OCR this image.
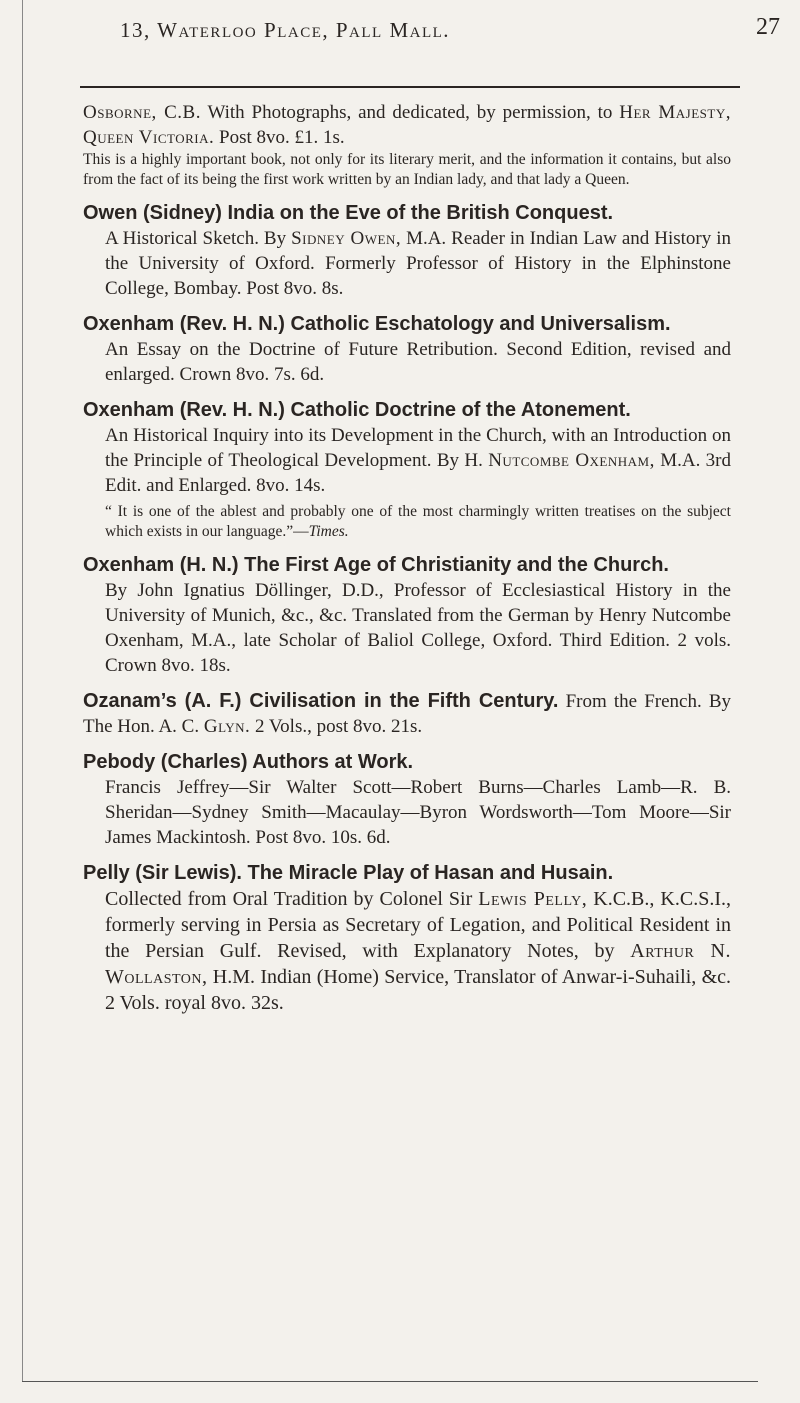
13, Waterloo Place, Pall Mall.	27

Osborne, C.B. With Photographs, and dedicated, by permission, to Her Majesty, Queen Victoria. Post 8vo. £1. 1s.

This is a highly important book, not only for its literary merit, and the information it contains, but also from the fact of its being the first work written by an Indian lady, and that lady a Queen.

Owen (Sidney) India on the Eve of the British Conquest.

A Historical Sketch. By Sidney Owen, M.A. Reader in Indian Law and History in the University of Oxford. Formerly Professor of History in the Elphinstone College, Bombay. Post 8vo. 8s.

Oxenham (Rev. H. N.) Catholic Eschatology and Universalism.

An Essay on the Doctrine of Future Retribution. Second Edition, revised and enlarged. Crown 8vo. 7s. 6d.

Oxenham (Rev. H. N.) Catholic Doctrine of the Atonement.

An Historical Inquiry into its Development in the Church, with an Introduction on the Principle of Theological Development. By H. Nutcombe Oxenham, M.A. 3rd Edit. and Enlarged. 8vo. 14s.

“ It is one of the ablest and probably one of the most charmingly written treatises on the subject which exists in our language.”—Times.

Oxenham (H. N.) The First Age of Christianity and the Church.

By John Ignatius Döllinger, D.D., Professor of Ecclesiastical History in the University of Munich, &c., &c. Translated from the German by Henry Nutcombe Oxenham, M.A., late Scholar of Baliol College, Oxford. Third Edition. 2 vols. Crown 8vo. 18s.

Ozanam’s (A. F.) Civilisation in the Fifth Century. From the French. By The Hon. A. C. Glyn. 2 Vols., post 8vo. 21s.

Pebody (Charles) Authors at Work.

Francis Jeffrey—Sir Walter Scott—Robert Burns—Charles Lamb—R. B. Sheridan—Sydney Smith—Macaulay—Byron Wordsworth—Tom Moore—Sir James Mackintosh. Post 8vo. 10s. 6d.

Pelly (Sir Lewis). The Miracle Play of Hasan and Husain.

Collected from Oral Tradition by Colonel Sir Lewis Pelly, K.C.B., K.C.S.I., formerly serving in Persia as Secretary of Legation, and Political Resident in the Persian Gulf. Revised, with Explanatory Notes, by Arthur N. Wollaston, H.M. Indian (Home) Service, Translator of Anwar-i-Suhaili, &c. 2 Vols. royal 8vo. 32s.
